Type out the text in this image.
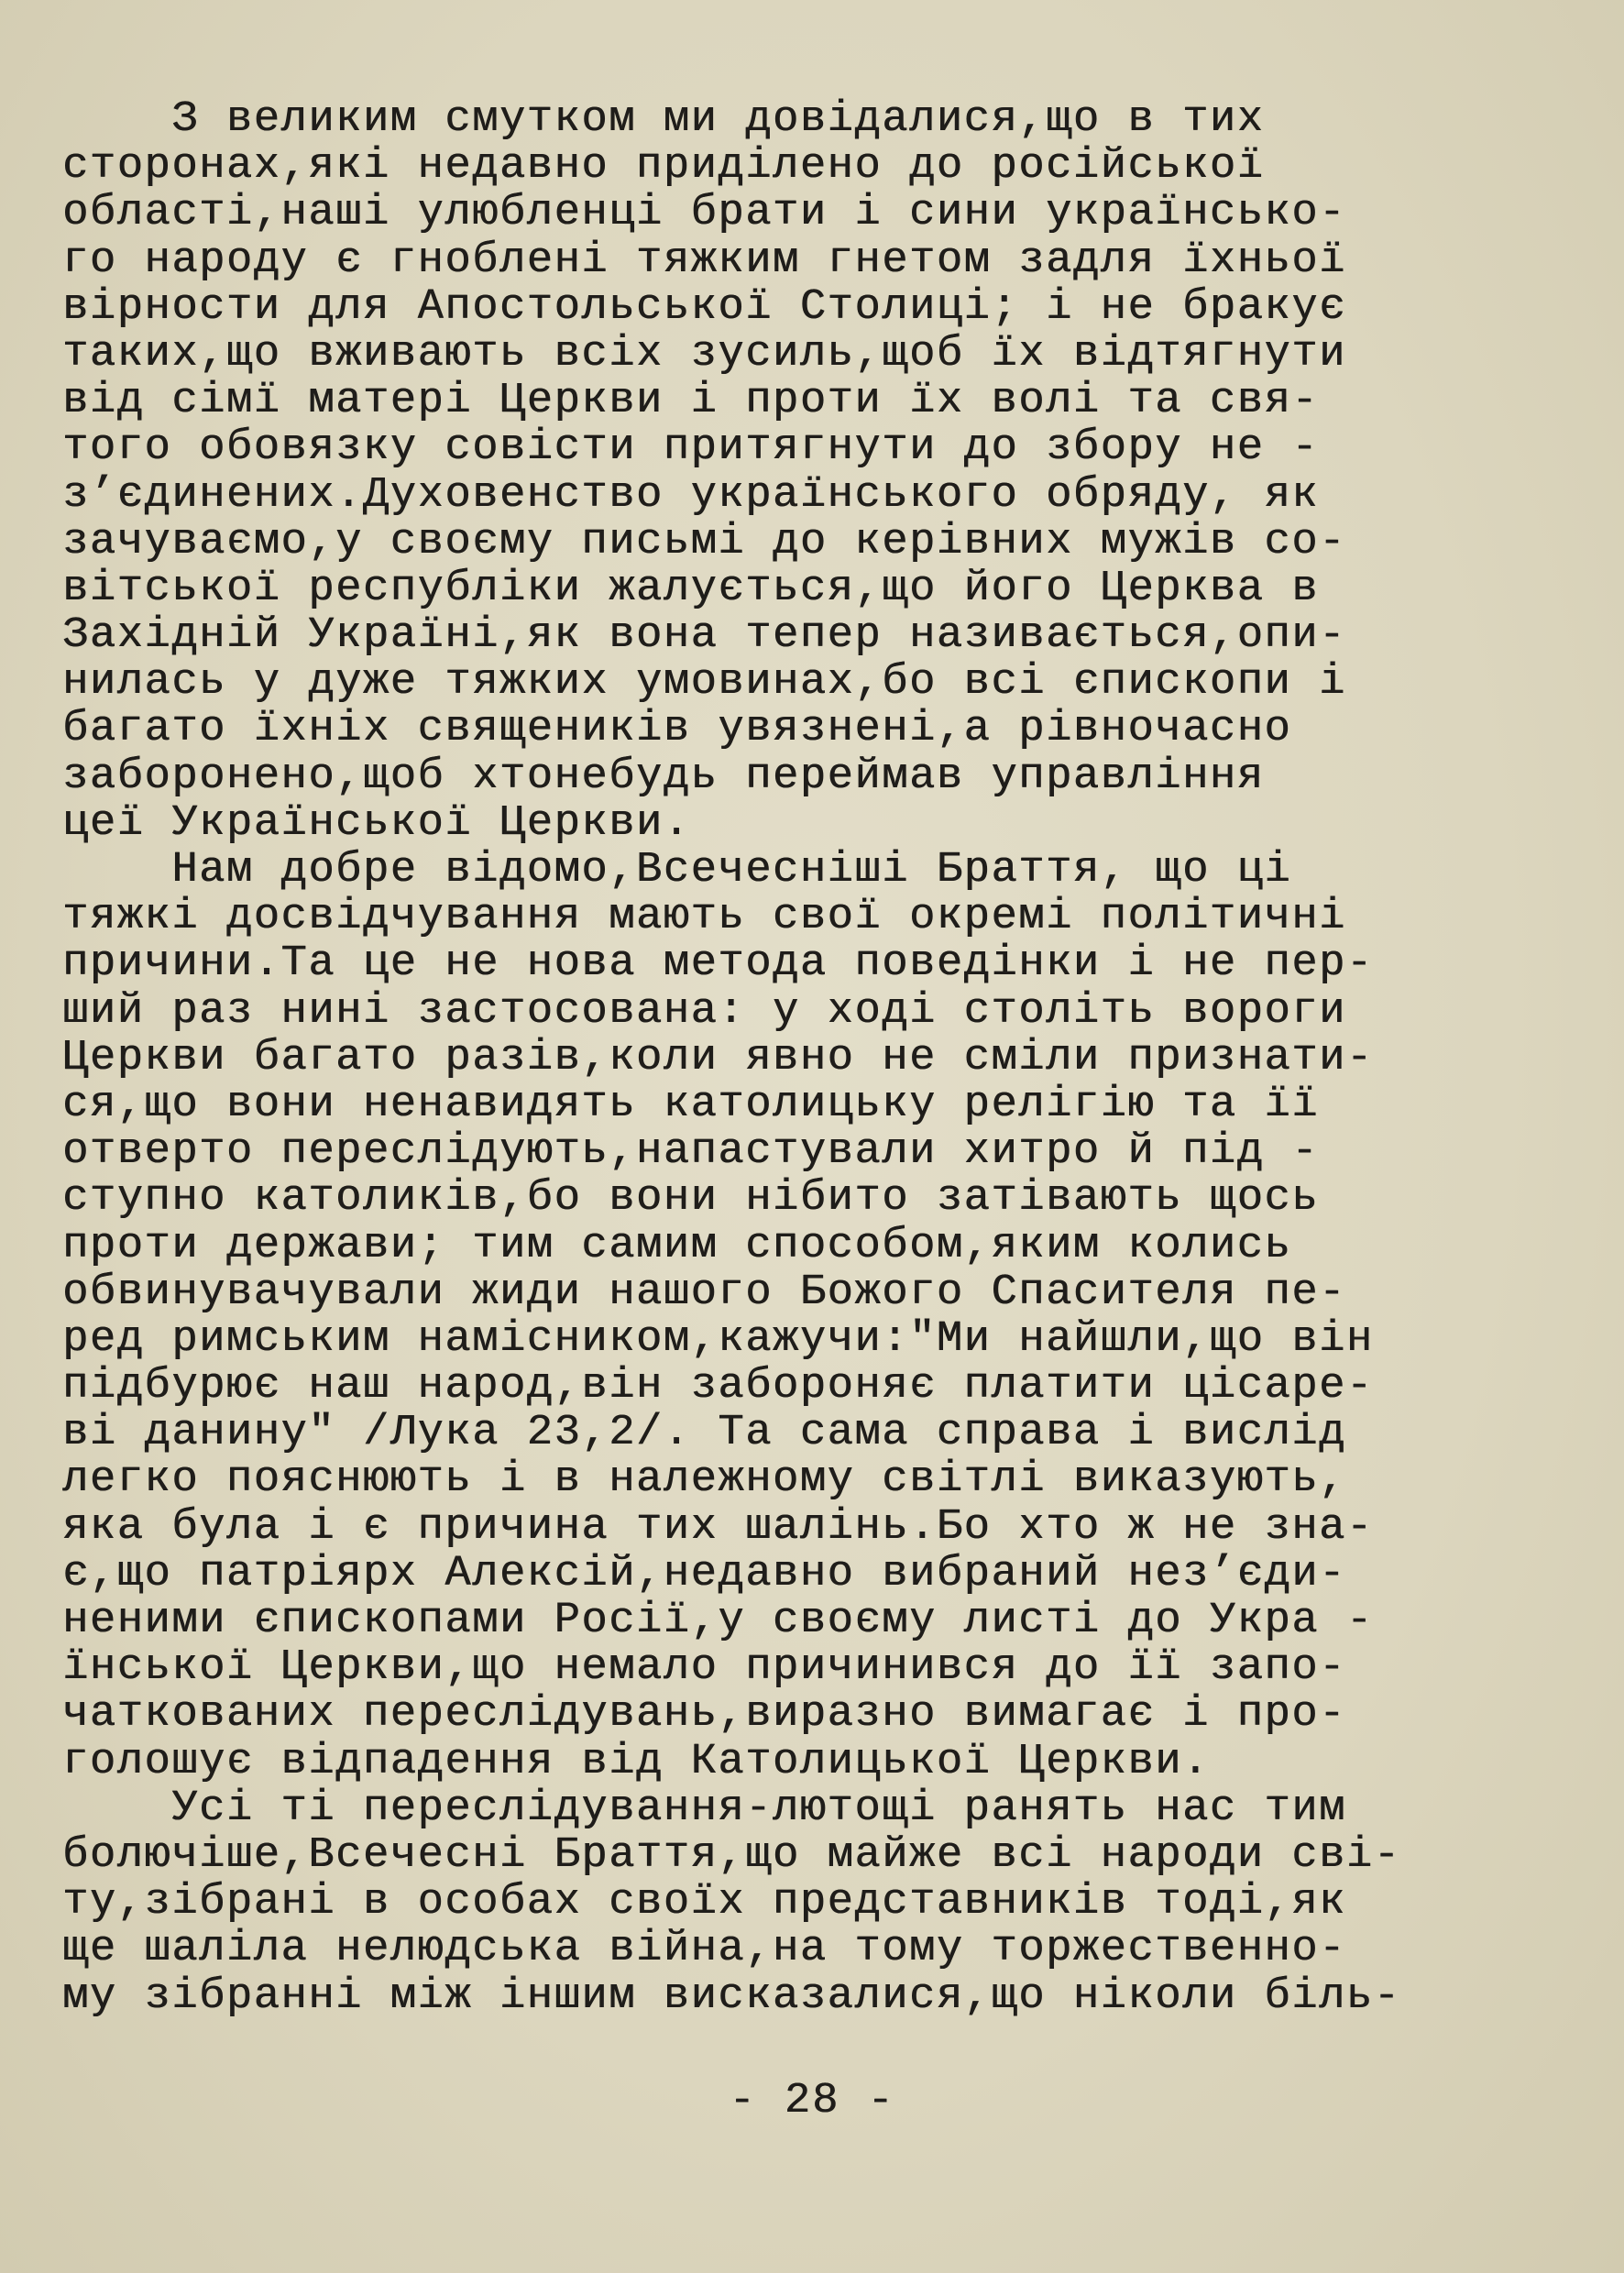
З великим смутком ми довідалися,що в тих
сторонах,які недавно приділено до російської
області,наші улюбленці брати і сини українсько-
го народу є гноблені тяжким гнетом задля їхньої
вірности для Апостольської Столиці; і не бракує
таких,що вживають всіх зусиль,щоб їх відтягнути
від сімї матері Церкви і проти їх волі та свя-
того обовязку совісти притягнути до збору не -
з’єдинених.Духовенство українського обряду, як
зачуваємо,у своєму письмі до керівних мужів со-
вітської республіки жалується,що його Церква в
Західній Україні,як вона тепер називається,опи-
нилась у дуже тяжких умовинах,бо всі єпископи і
багато їхніх священиків увязнені,а рівночасно
заборонено,щоб хтонебудь переймав управління
цеї Української Церкви.
Нам добре відомо,Всечесніші Браття, що ці
тяжкі досвідчування мають свої окремі політичні
причини.Та це не нова метода поведінки і не пер-
ший раз нині застосована: у ході століть вороги
Церкви багато разів,коли явно не сміли признати-
ся,що вони ненавидять католицьку релігію та її
отверто переслідують,напастували хитро й під -
ступно католиків,бо вони нібито затівають щось
проти держави; тим самим способом,яким колись
обвинувачували жиди нашого Божого Спасителя пе-
ред римським намісником,кажучи:"Ми найшли,що він
підбурює наш народ,він забороняє платити цісаре-
ві данину" /Лука 23,2/. Та сама справа і вислід
легко пояснюють і в належному світлі виказують,
яка була і є причина тих шалінь.Бо хто ж не зна-
є,що патріярх Алексій,недавно вибраний нез’єди-
неними єпископами Росії,у своєму листі до Укра -
їнської Церкви,що немало причинився до її запо-
чаткованих переслідувань,виразно вимагає і про-
голошує відпадення від Католицької Церкви.
Усі ті переслідування-лютощі ранять нас тим
болючіше,Всечесні Браття,що майже всі народи сві-
ту,зібрані в особах своїх представників тоді,як
ще шаліла нелюдська війна,на тому торжественно-
му зібранні між іншим висказалися,що ніколи біль-
- 28 -
